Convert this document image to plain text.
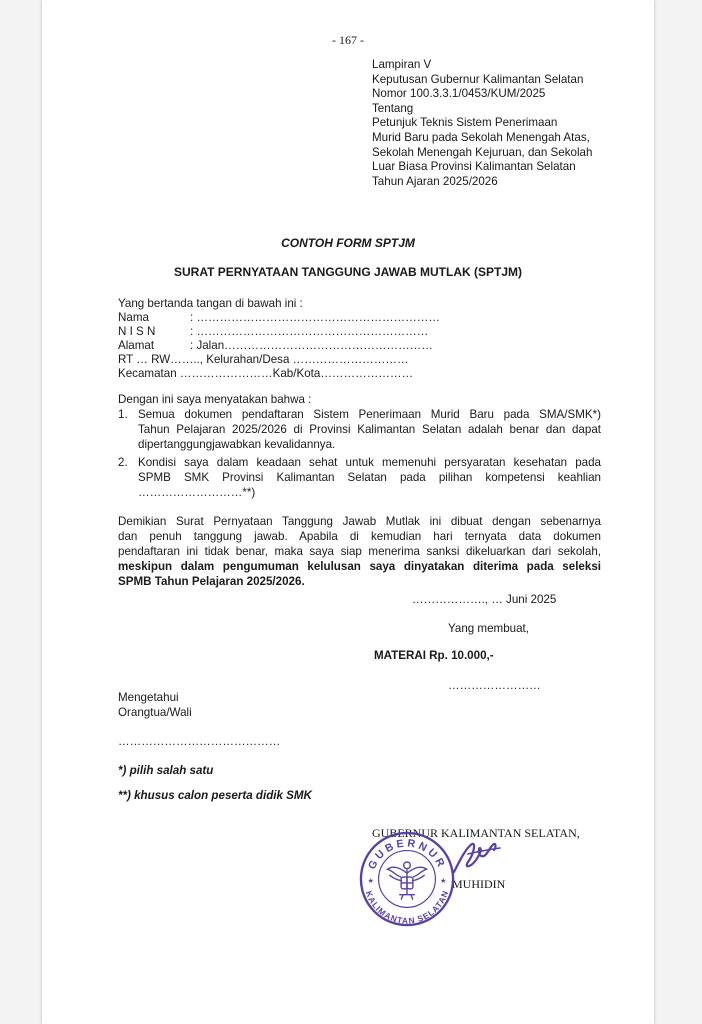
- 167 -
Lampiran V
Keputusan Gubernur Kalimantan Selatan
Nomor 100.3.3.1/0453/KUM/2025
Tentang
Petunjuk Teknis Sistem Penerimaan
Murid Baru pada Sekolah Menengah Atas,
Sekolah Menengah Kejuruan, dan Sekolah
Luar Biasa Provinsi Kalimantan Selatan
Tahun Ajaran 2025/2026
CONTOH FORM SPTJM
SURAT PERNYATAAN TANGGUNG JAWAB MUTLAK (SPTJM)
Yang bertanda tangan di bawah ini :
Nama	: ………………………………………………………
N I S N	: ……………………………………………………
Alamat	: Jalan………………………………………………
RT … RW…….., Kelurahan/Desa …………………………
Kecamatan ……………………Kab/Kota……………………
Dengan ini saya menyatakan bahwa :
1. Semua dokumen pendaftaran Sistem Penerimaan Murid Baru pada SMA/SMK*)
Tahun Pelajaran 2025/2026 di Provinsi Kalimantan Selatan adalah benar dan dapat
dipertanggungjawabkan kevalidannya.
2. Kondisi saya dalam keadaan sehat untuk memenuhi persyaratan kesehatan pada
SPMB SMK Provinsi Kalimantan Selatan pada pilihan kompetensi keahlian
………………………**)
Demikian Surat Pernyataan Tanggung Jawab Mutlak ini dibuat dengan sebenarnya
dan penuh tanggung jawab. Apabila di kemudian hari ternyata data dokumen
pendaftaran ini tidak benar, maka saya siap menerima sanksi dikeluarkan dari sekolah,
meskipun dalam pengumuman kelulusan saya dinyatakan diterima pada seleksi
SPMB Tahun Pelajaran 2025/2026.
………………., … Juni 2025
Yang membuat,
MATERAI Rp. 10.000,-
……………………
Mengetahui
Orangtua/Wali
……………………………………
*) pilih salah satu
**) khusus calon peserta didik SMK
GUBERNUR KALIMANTAN SELATAN,
MUHIDIN
GUBERNUR
KALIMANTAN SELATAN
★	★
